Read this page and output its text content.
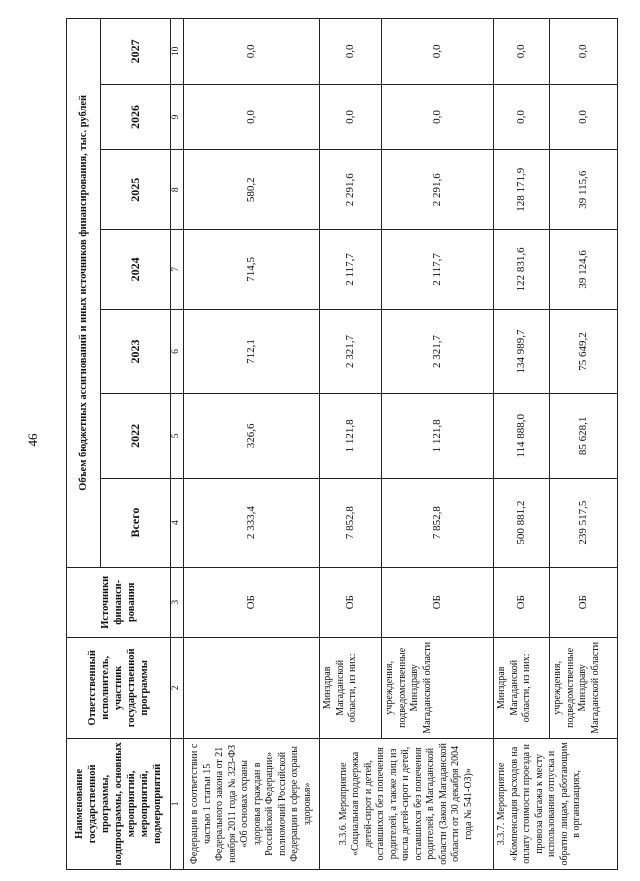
46
Наименование государственной программы, подпрограммы, основных мероприятий, мероприятий, подмероприятий	Ответственный исполнитель, участник государственной программы	Источники финанси-рования	Объем бюджетных ассигнований и иных источников финансирования, тыс. рублей						
			Всего	2022	2023	2024	2025	2026	2027
1	2	3	4	5	6	7	8	9	10
Федерации в соответствии с частью 1 статьи 15 Федерального закона от 21 ноября 2011 года № 323-ФЗ «Об основах охраны здоровья граждан в Российской Федерации» полномочий Российской Федерации в сфере охраны здоровья»		ОБ	2 333,4	326,6	712,1	714,5	580,2	0,0	0,0
3.3.6. Мероприятие «Социальная поддержка детей-сирот и детей, оставшихся без попечения родителей, а также лиц из числа детей-сирот и детей, оставшихся без попечения родителей, в Магаданской области (Закон Магаданской области от 30 декабря 2004 года № 541-ОЗ)»	Минздрав Магаданской области, из них:	ОБ	7 852,8	1 121,8	2 321,7	2 117,7	2 291,6	0,0	0,0
	учреждения, подведомственные Минздраву Магаданской области	ОБ	7 852,8	1 121,8	2 321,7	2 117,7	2 291,6	0,0	0,0
3.3.7. Мероприятие «Компенсация расходов на оплату стоимости проезда и провоза багажа к месту использования отпуска и обратно лицам, работающим в организациях,	Минздрав Магаданской области, из них:	ОБ	500 881,2	114 888,0	134 989,7	122 831,6	128 171,9	0,0	0,0
	учреждения, подведомственные Минздраву Магаданской области	ОБ	239 517,5	85 628,1	75 649,2	39 124,6	39 115,6	0,0	0,0
